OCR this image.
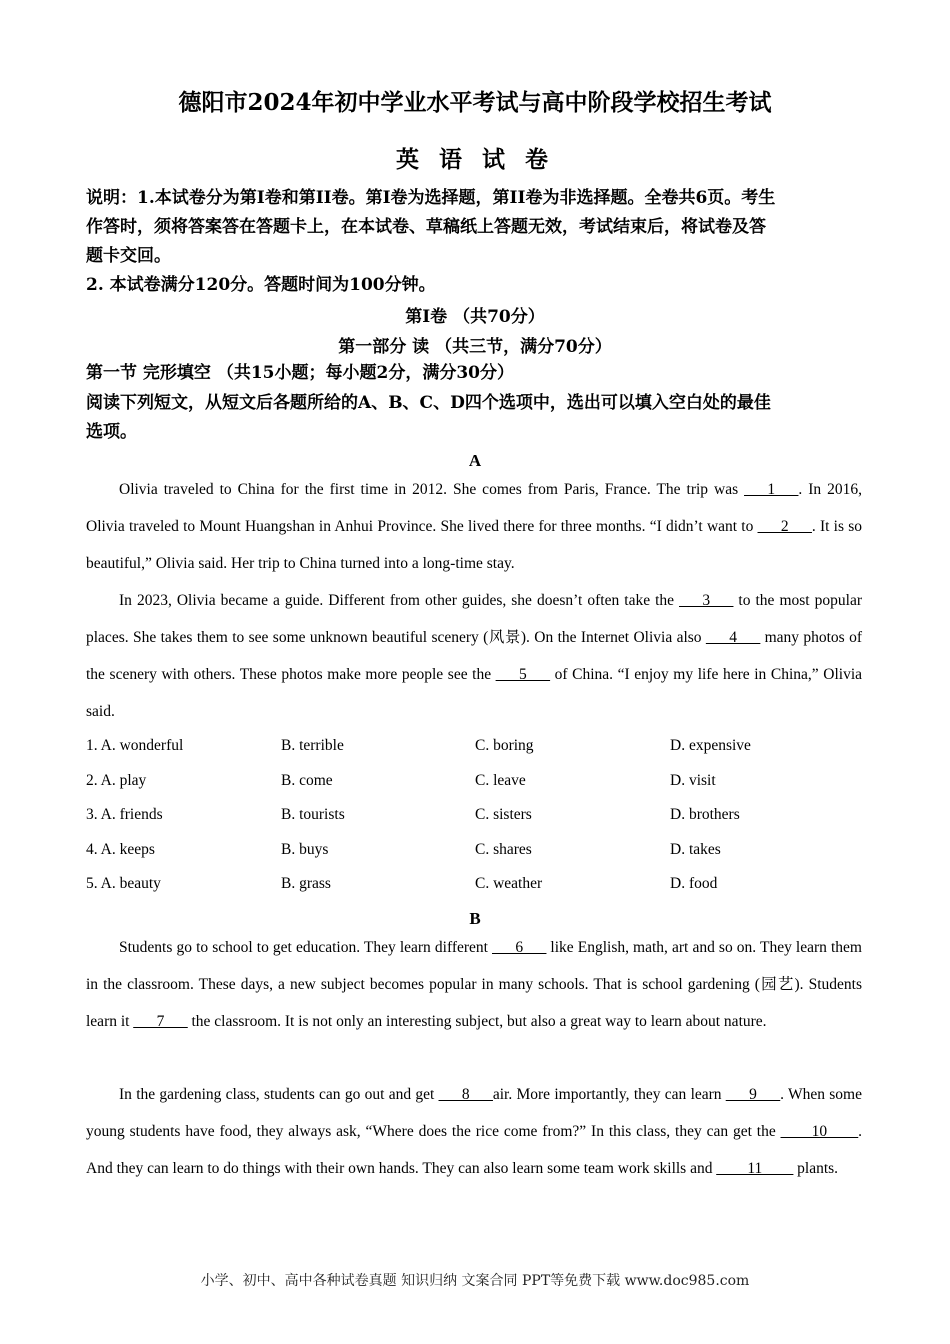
德阳市2024年初中学业水平考试与高中阶段学校招生考试
英 语 试 卷
说明：1.本试卷分为第I卷和第II卷。第I卷为选择题，第II卷为非选择题。全卷共6页。考生
作答时，须将答案答在答题卡上，在本试卷、草稿纸上答题无效，考试结束后，将试卷及答
题卡交回。
2. 本试卷满分120分。答题时间为100分钟。
第I卷 （共70分）
第一部分 读 （共三节，满分70分）
第一节 完形填空 （共15小题；每小题2分，满分30分）
阅读下列短文，从短文后各题所给的A、B、C、D四个选项中，选出可以填入空白处的最佳
选项。
A
Olivia traveled to China for the first time in 2012. She comes from Paris, France. The trip was ___1___. In 2016, Olivia traveled to Mount Huangshan in Anhui Province. She lived there for three months. “I didn’t want to ___2___. It is so beautiful,” Olivia said. Her trip to China turned into a long-time stay.
In 2023, Olivia became a guide. Different from other guides, she doesn’t often take the ___3___ to the most popular places. She takes them to see some unknown beautiful scenery (风景). On the Internet Olivia also ___4___ many photos of the scenery with others. These photos make more people see the ___5___ of China. “I enjoy my life here in China,” Olivia said.
1. A. wonderful	B. terrible	C. boring	D. expensive
2. A. play	B. come	C. leave	D. visit
3. A. friends	B. tourists	C. sisters	D. brothers
4. A. keeps	B. buys	C. shares	D. takes
5. A. beauty	B. grass	C. weather	D. food
B
Students go to school to get education. They learn different ___6___ like English, math, art and so on. They learn them in the classroom. These days, a new subject becomes popular in many schools. That is school gardening (园艺). Students learn it ___7___ the classroom. It is not only an interesting subject, but also a great way to learn about nature.
In the gardening class, students can go out and get ___8___air. More importantly, they can learn ___9___. When some young students have food, they always ask, “Where does the rice come from?” In this class, they can get the ____10____. And they can learn to do things with their own hands. They can also learn some team work skills and ____11____ plants.
小学、初中、高中各种试卷真题 知识归纳 文案合同 PPT等免费下载 www.doc985.com
